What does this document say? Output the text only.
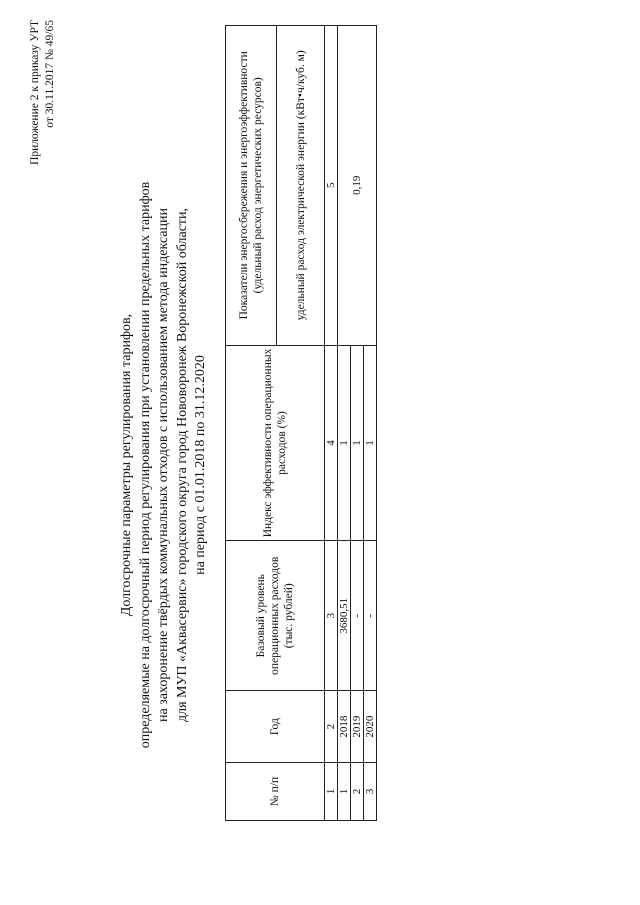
Приложение 2 к приказу УРТ от 30.11.2017 № 49/65
Долгосрочные параметры регулирования тарифов, определяемые на долгосрочный период регулирования при установлении предельных тарифов на захоронение твёрдых коммунальных отходов с использованием метода индексации для МУП «Аквасервис» городского округа город Нововоронеж Воронежской области, на период с 01.01.2018 по 31.12.2020
№ п/п	Год	Базовый уровень операционных расходов (тыс. рублей)	Индекс эффективности операционных расходов (%)	Показатели энергосбережения и энергоэффективности (удельный расход энергетических ресурсов)
				удельный расход электрической энергии (кВт•ч/куб. м)
1	2	3	4	5
1	2018	3680,51	1	0,19
2	2019	-	1	
3	2020	-	1	
